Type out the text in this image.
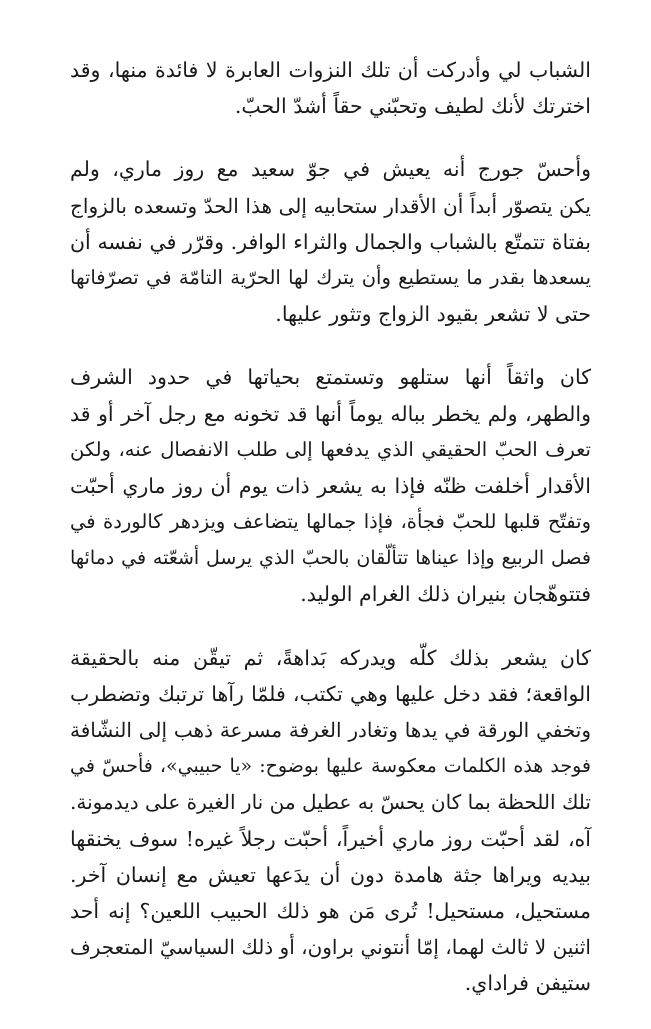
الشباب لي وأدركت أن تلك النزوات العابرة لا فائدة منها، وقد
اخترتك لأنك لطيف وتحبّني حقاً أشدّ الحبّ.
وأحسّ جورج أنه يعيش في جوّ سعيد مع روز ماري، ولم
يكن يتصوّر أبداً أن الأقدار ستحابيه إلى هذا الحدّ وتسعده بالزواج
بفتاة تتمتّع بالشباب والجمال والثراء الوافر. وقرّر في نفسه أن
يسعدها بقدر ما يستطيع وأن يترك لها الحرّية التامّة في تصرّفاتها
حتى لا تشعر بقيود الزواج وتثور عليها.
كان واثقاً أنها ستلهو وتستمتع بحياتها في حدود الشرف
والطهر، ولم يخطر بباله يوماً أنها قد تخونه مع رجل آخر أو قد
تعرف الحبّ الحقيقي الذي يدفعها إلى طلب الانفصال عنه، ولكن
الأقدار أخلفت ظنّه فإذا به يشعر ذات يوم أن روز ماري أحبّت
وتفتّح قلبها للحبّ فجأة، فإذا جمالها يتضاعف ويزدهر كالوردة في
فصل الربيع وإذا عيناها تتألّقان بالحبّ الذي يرسل أشعّته في دمائها
فتتوهّجان بنيران ذلك الغرام الوليد.
كان يشعر بذلك كلّه ويدركه بَداهةً، ثم تيقّن منه بالحقيقة
الواقعة؛ فقد دخل عليها وهي تكتب، فلمّا رآها ترتبك وتضطرب
وتخفي الورقة في يدها وتغادر الغرفة مسرعة ذهب إلى النشّافة
فوجد هذه الكلمات معكوسة عليها بوضوح: «يا حبيبي»، فأحسّ في
تلك اللحظة بما كان يحسّ به عطيل من نار الغيرة على ديدمونة.
آه، لقد أحبّت روز ماري أخيراً، أحبّت رجلاً غيره! سوف يخنقها
بيديه ويراها جثة هامدة دون أن يدَعها تعيش مع إنسان آخر.
مستحيل، مستحيل! تُرى مَن هو ذلك الحبيب اللعين؟ إنه أحد
اثنين لا ثالث لهما، إمّا أنتوني براون، أو ذلك السياسيّ المتعجرف
ستيفن فراداي.
